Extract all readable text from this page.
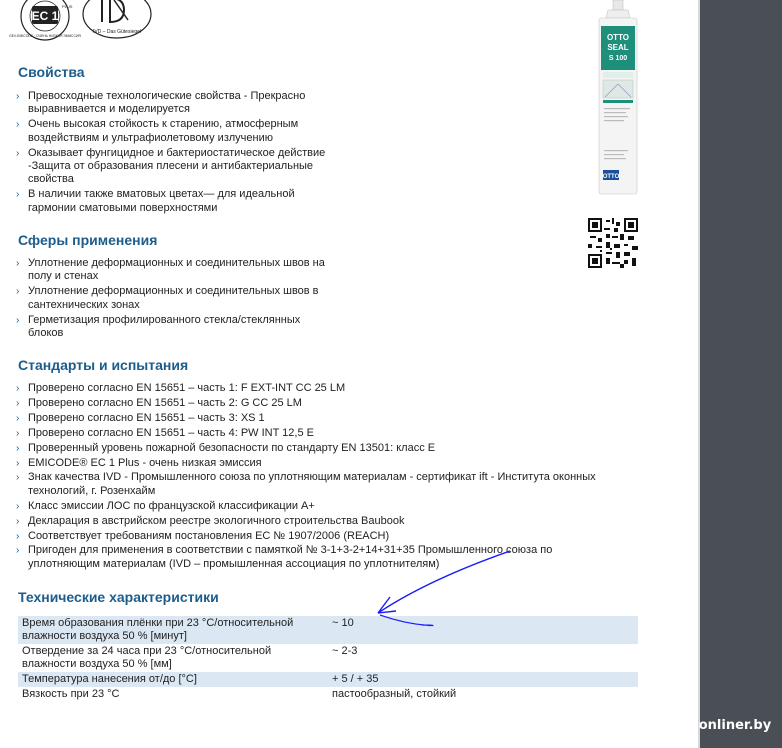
EC 1
PLUS
GEV-EMICODE · ОЧЕНЬ НИЗКАЯ ЭМИССИЯ
IVD – Das Gütesiegel
OTTO
SEAL
S 100
OTTO
Свойства
› Превосходные технологические свойства - Прекрасно выравнивается и моделируется
› Очень высокая стойкость к старению, атмосферным воздействиям и ультрафиолетовому излучению
› Оказывает фунгицидное и бактериостатическое действие -Защита от образования плесени и антибактериальные свойства
› В наличии также вматовых цветах— для идеальной гармонии сматовыми поверхностями
Сферы применения
› Уплотнение деформационных и соединительных швов на полу и стенах
› Уплотнение деформационных и соединительных швов в сантехнических зонах
› Герметизация профилированного стекла/стеклянных блоков
Стандарты и испытания
› Проверено согласно EN 15651 – часть 1: F EXT-INT CC 25 LM
› Проверено согласно EN 15651 – часть 2: G CC 25 LM
› Проверено согласно EN 15651 – часть 3: XS 1
› Проверено согласно EN 15651 – часть 4: PW INT 12,5 E
› Проверенный уровень пожарной безопасности по стандарту EN 13501: класс E
› EMICODE® EC 1 Plus - очень низкая эмиссия
› Знак качества IVD - Промышленного союза по уплотняющим материалам - сертификат ift - Института оконных технологий, г. Розенхайм
› Класс эмиссии ЛОС по французской классификации A+
› Декларация в австрийском реестре экологичного строительства Baubook
› Соответствует требованиям постановления ЕС № 1907/2006 (REACH)
› Пригоден для применения в соответствии с памяткой № 3-1+3-2+14+31+35 Промышленного союза по уплотняющим материалам (IVD – промышленная ассоциация по уплотнителям)
Технические характеристики
Время образования плёнки при 23 °C/относительной влажности воздуха 50 % [минут]	~ 10
Отвердение за 24 часа при 23 °C/относительной влажности воздуха 50 % [мм]	~ 2-3
Температура нанесения от/до [°C]	+ 5 / + 35
Вязкость при 23 °C	пастообразный, стойкий
forum.onliner.by
